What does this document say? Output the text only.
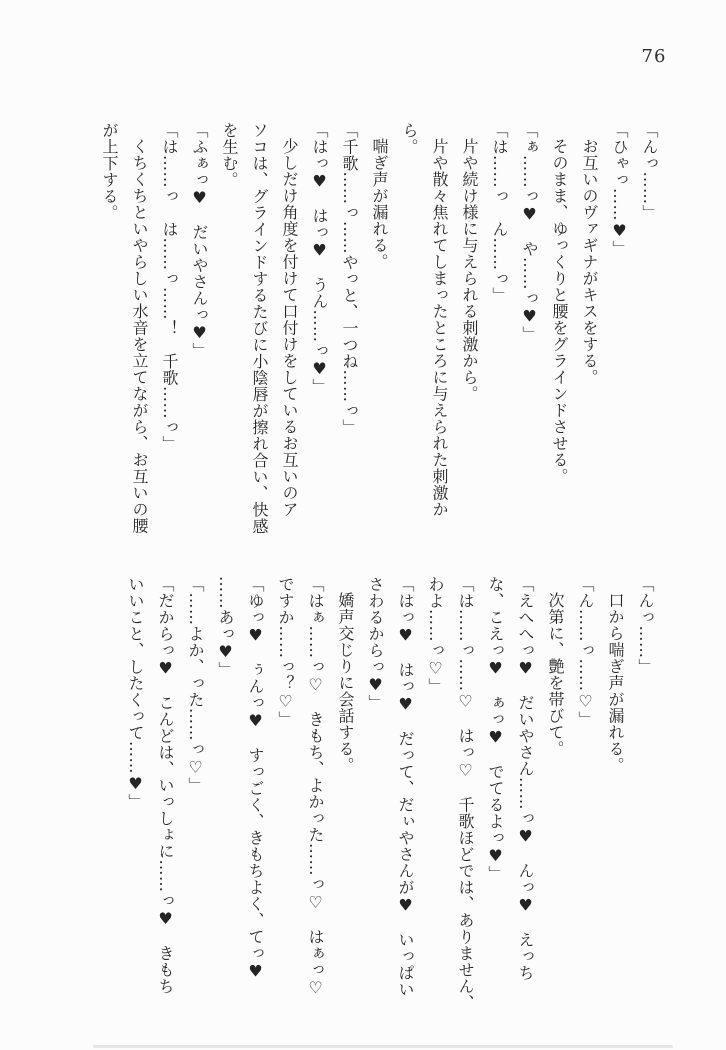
76
「んっ……」
「ひゃっ……♥」
お互いのヴァギナがキスをする。
そのまま、ゆっくりと腰をグラインドさせる。
「ぁ……っ♥　や……っ♥」
「は……っ　ん……っ」
片や続け様に与えられる刺激から。
片や散々焦れてしまったところに与えられた刺激か
ら。
喘ぎ声が漏れる。
「千歌……っ……やっと、一つね……っ」
「はっ♥　はっ♥　うん……っ♥」
少しだけ角度を付けて口付けをしているお互いのア
ソコは、グラインドするたびに小陰唇が擦れ合い、快感
を生む。
「ふぁっ♥　だいやさんっ♥」
「は……っ　は……っ……！　千歌……っ」
くちくちといやらしい水音を立てながら、お互いの腰
が上下する。
「んっ……」
口から喘ぎ声が漏れる。
「ん……っ……♡」
次第に、艶を帯びて。
「えへへっ♥　だいやさん……っ♥　んっ♥　えっち
な、こえっ♥　ぁっ♥　でてるよっ♥」
「は……っ……♡　はっ♡　千歌ほどでは、ありません、
わよ……っ♡」
「はっ♥　はっ♥　だって、だぃやさんが♥　いっぱい
さわるからっ♥」
嬌声交じりに会話する。
「はぁ……っ♡　きもち、よかった……っ♡　はぁっ♡
ですか……っ？♡」
「ゆっ♥　ぅんっ♥　すっごく、きもちよく、てっ♥
……あっ♥」
「……よか、った……っ♡」
「だからっ♥　こんどは、いっしょに……っ♥　きもち
いいこと、したくって……♥」
